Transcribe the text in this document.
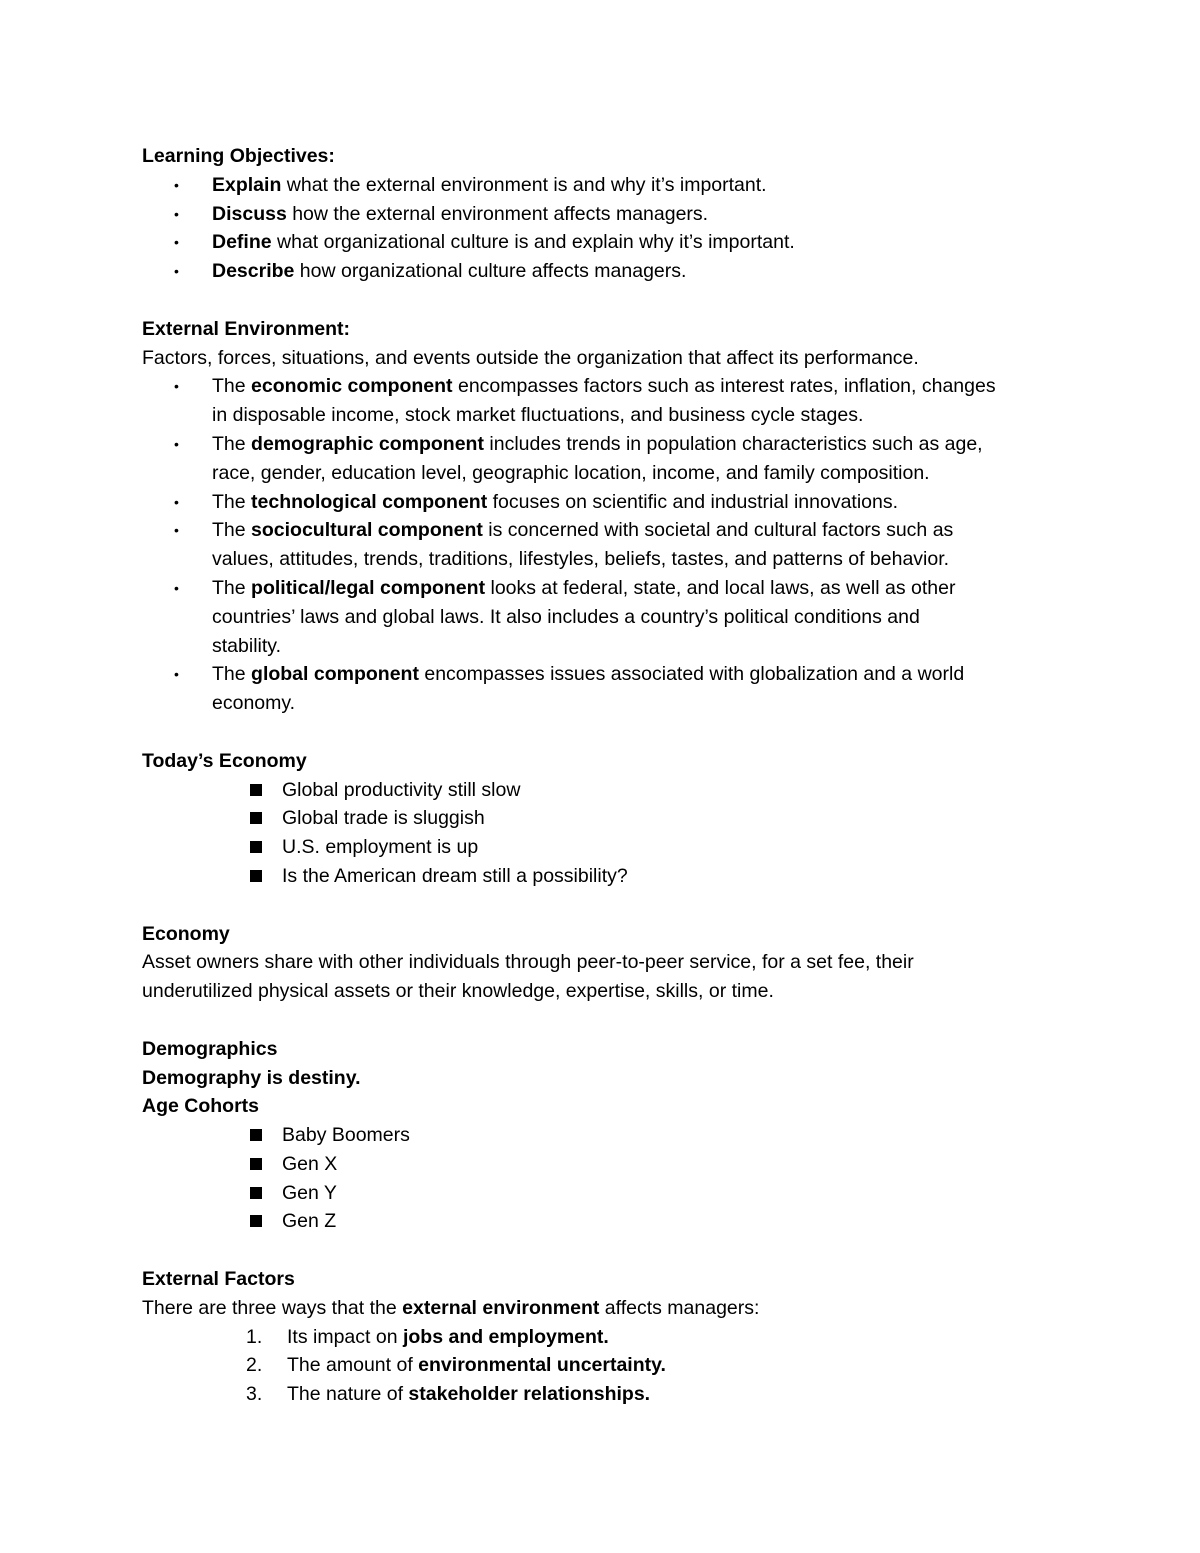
Learning Objectives:
• Explain what the external environment is and why it’s important.
• Discuss how the external environment affects managers.
• Define what organizational culture is and explain why it’s important.
• Describe how organizational culture affects managers.
External Environment:
Factors, forces, situations, and events outside the organization that affect its performance.
• The economic component encompasses factors such as interest rates, inflation, changes
in disposable income, stock market fluctuations, and business cycle stages.
• The demographic component includes trends in population characteristics such as age,
race, gender, education level, geographic location, income, and family composition.
• The technological component focuses on scientific and industrial innovations.
• The sociocultural component is concerned with societal and cultural factors such as
values, attitudes, trends, traditions, lifestyles, beliefs, tastes, and patterns of behavior.
• The political/legal component looks at federal, state, and local laws, as well as other
countries’ laws and global laws. It also includes a country’s political conditions and
stability.
• The global component encompasses issues associated with globalization and a world
economy.
Today’s Economy
Global productivity still slow
Global trade is sluggish
U.S. employment is up
Is the American dream still a possibility?
Economy
Asset owners share with other individuals through peer-to-peer service, for a set fee, their
underutilized physical assets or their knowledge, expertise, skills, or time.
Demographics
Demography is destiny.
Age Cohorts
Baby Boomers
Gen X
Gen Y
Gen Z
External Factors
There are three ways that the external environment affects managers:
1. Its impact on jobs and employment.
2. The amount of environmental uncertainty.
3. The nature of stakeholder relationships.
